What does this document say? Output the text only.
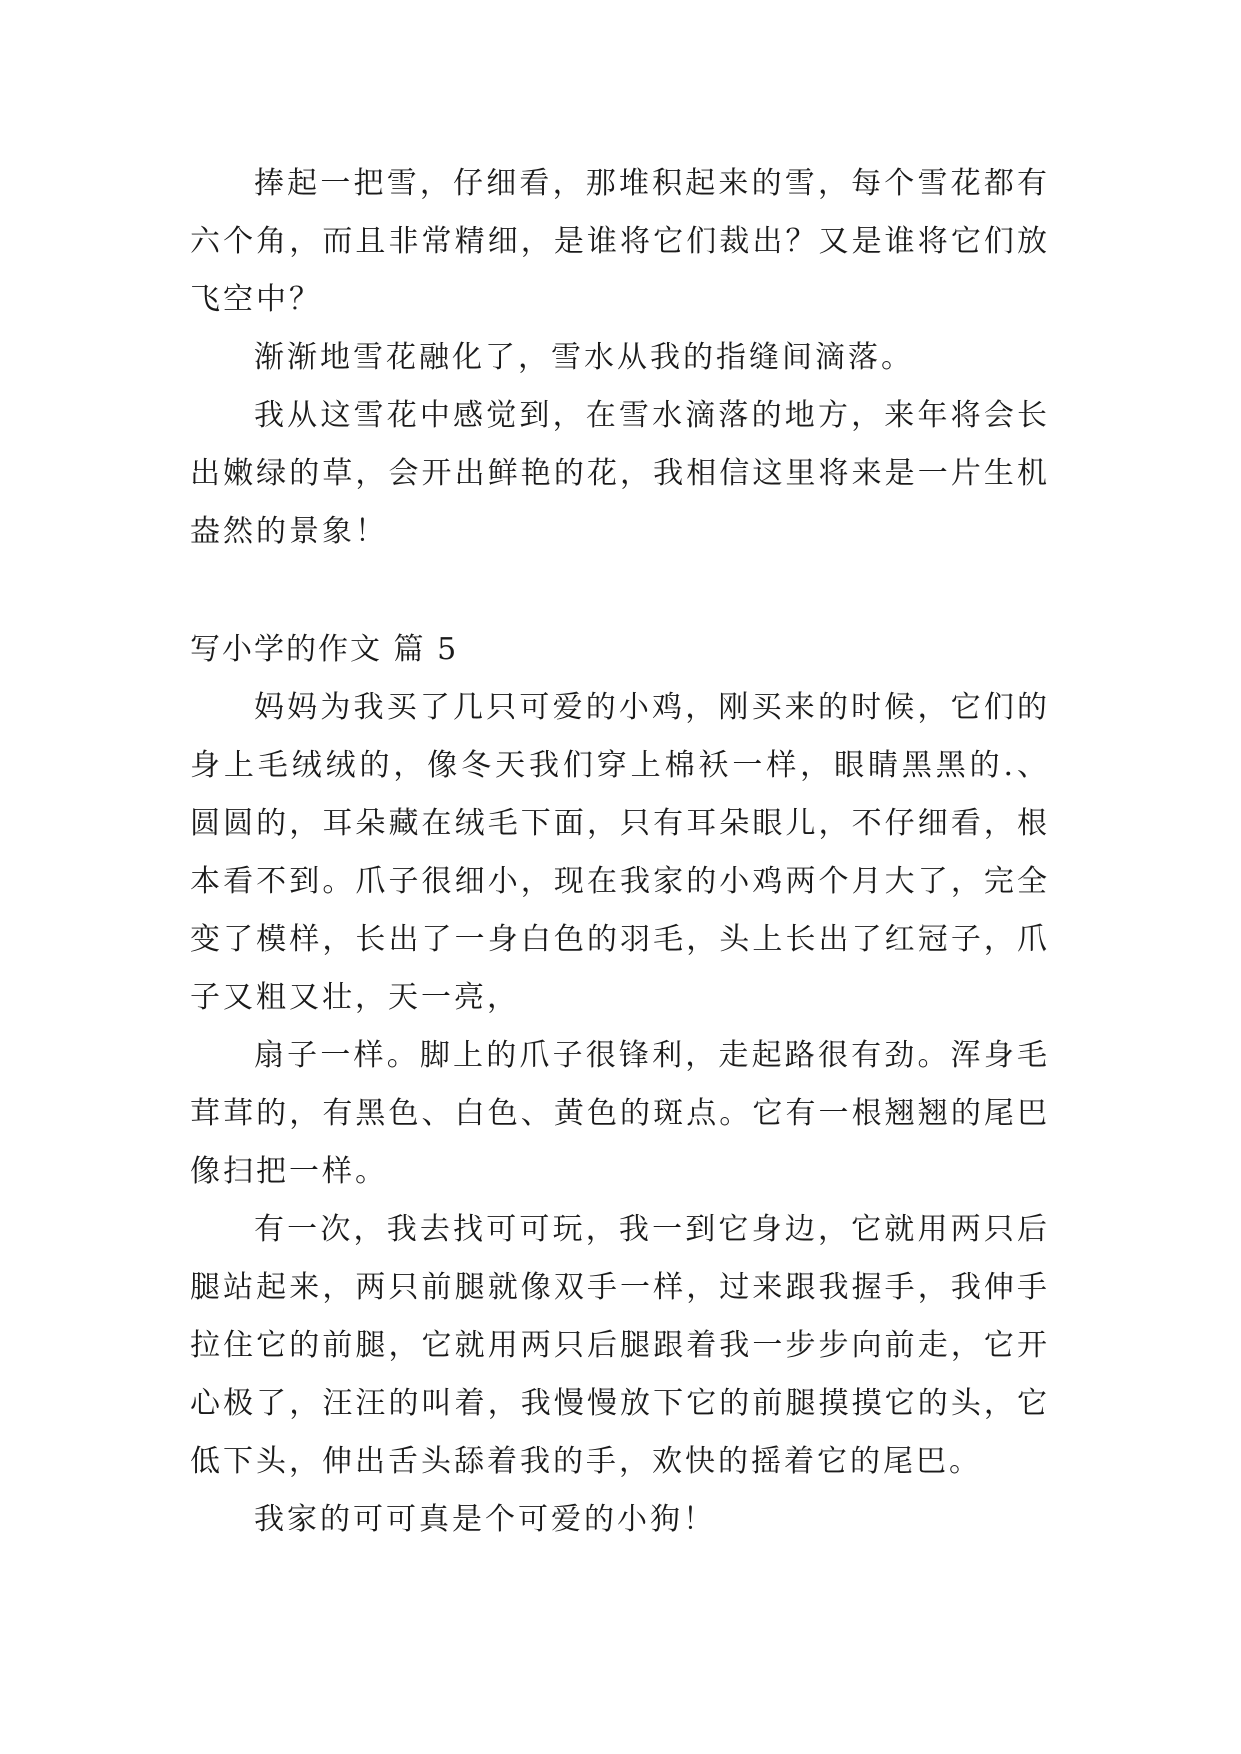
捧起一把雪，仔细看，那堆积起来的雪，每个雪花都有六个角，而且非常精细，是谁将它们裁出？又是谁将它们放飞空中？

渐渐地雪花融化了，雪水从我的指缝间滴落。

我从这雪花中感觉到，在雪水滴落的地方，来年将会长出嫩绿的草，会开出鲜艳的花，我相信这里将来是一片生机盎然的景象！

写小学的作文 篇 5

妈妈为我买了几只可爱的小鸡，刚买来的时候，它们的身上毛绒绒的，像冬天我们穿上棉袄一样，眼睛黑黑的.、圆圆的，耳朵藏在绒毛下面，只有耳朵眼儿，不仔细看，根本看不到。爪子很细小，现在我家的小鸡两个月大了，完全变了模样，长出了一身白色的羽毛，头上长出了红冠子，爪子又粗又壮，天一亮，

扇子一样。脚上的爪子很锋利，走起路很有劲。浑身毛茸茸的，有黑色、白色、黄色的斑点。它有一根翘翘的尾巴像扫把一样。

有一次，我去找可可玩，我一到它身边，它就用两只后腿站起来，两只前腿就像双手一样，过来跟我握手，我伸手拉住它的前腿，它就用两只后腿跟着我一步步向前走，它开心极了，汪汪的叫着，我慢慢放下它的前腿摸摸它的头，它低下头，伸出舌头舔着我的手，欢快的摇着它的尾巴。

我家的可可真是个可爱的小狗！
